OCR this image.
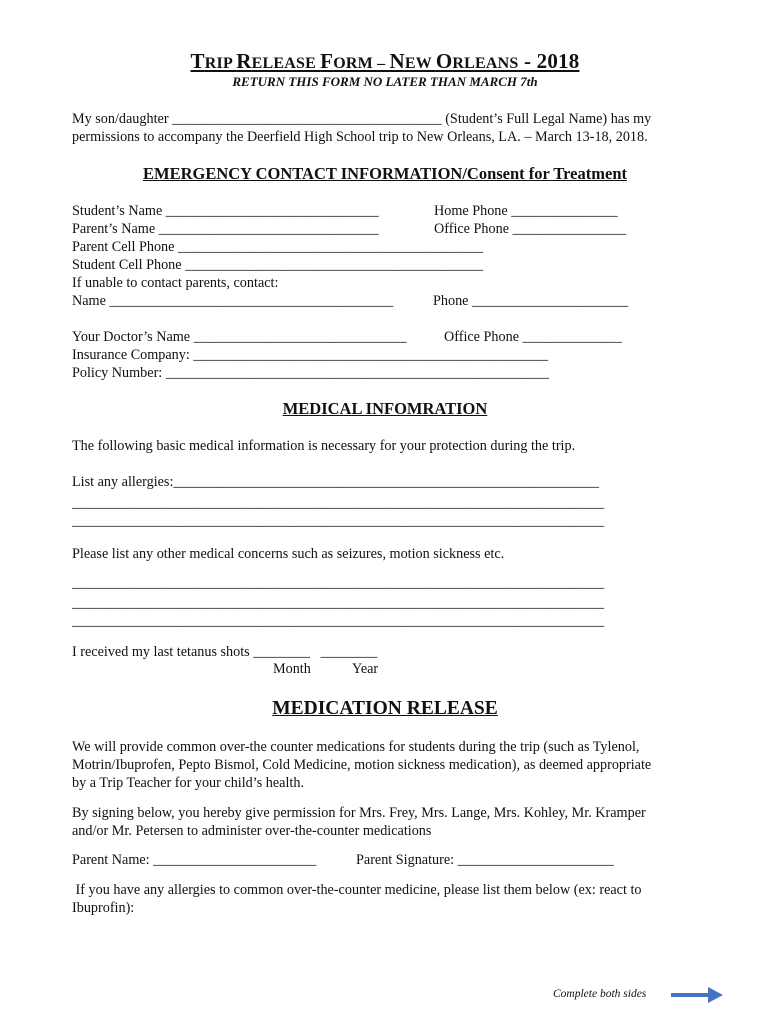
TRIP RELEASE FORM – NEW ORLEANS - 2018
RETURN THIS FORM NO LATER THAN MARCH 7th
My son/daughter ______________________________________ (Student’s Full Legal Name) has my
permissions to accompany the Deerfield High School trip to New Orleans, LA. – March 13-18, 2018.
EMERGENCY CONTACT INFORMATION/Consent for Treatment
Student’s Name ______________________________	Home Phone _______________
Parent’s Name _______________________________	Office Phone ________________
Parent Cell Phone ___________________________________________
Student Cell Phone __________________________________________
If unable to contact parents, contact:
Name ________________________________________	Phone ______________________
Your Doctor’s Name ______________________________	Office Phone ______________
Insurance Company: __________________________________________________
Policy Number: ______________________________________________________
MEDICAL INFOMRATION
The following basic medical information is necessary for your protection during the trip.
List any allergies:____________________________________________________________
___________________________________________________________________________
___________________________________________________________________________
Please list any other medical concerns such as seizures, motion sickness etc.
___________________________________________________________________________
___________________________________________________________________________
___________________________________________________________________________
I received my last tetanus shots ________   ________
Month	Year
MEDICATION RELEASE
We will provide common over-the counter medications for students during the trip (such as Tylenol,
Motrin/Ibuprofen, Pepto Bismol, Cold Medicine, motion sickness medication), as deemed appropriate
by a Trip Teacher for your child’s health.
By signing below, you hereby give permission for Mrs. Frey, Mrs. Lange, Mrs. Kohley, Mr. Kramper
and/or Mr. Petersen to administer over-the-counter medications
Parent Name: _______________________	Parent Signature: ______________________
If you have any allergies to common over-the-counter medicine, please list them below (ex: react to
Ibuprofin):
Complete both sides
